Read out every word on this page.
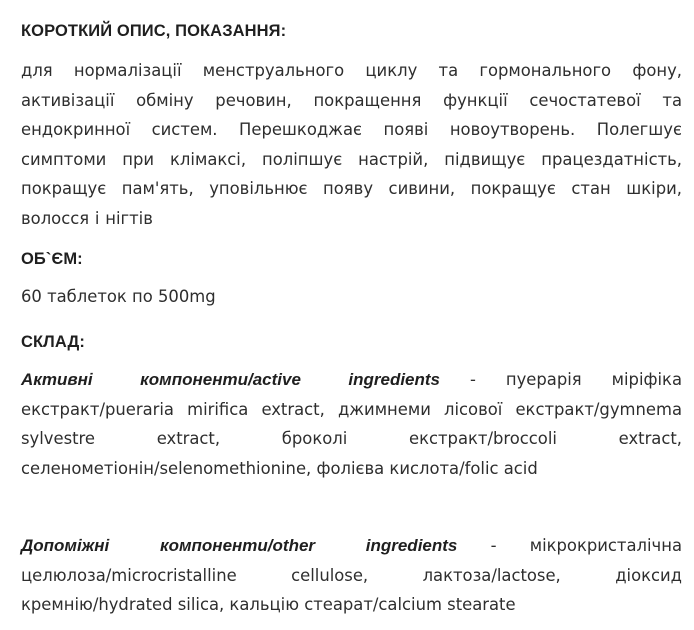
КОРОТКИЙ ОПИС, ПОКАЗАННЯ:

для нормалізації менструального циклу та гормонального фону, активізації обміну речовин, покращення функції сечостатевої та ендокринної систем. Перешкоджає появі новоутворень. Полегшує симптоми при клімаксі, поліпшує настрій, підвищує працездатність, покращує пам'ять, уповільнює появу сивини, покращує стан шкіри, волосся і нігтів

ОБ`ЄМ:

60 таблеток по 500mg

СКЛАД:

Активні компоненти/active ingredients - пуерарія міріфіка екстракт/pueraria mirifica extract, джимнеми лісової екстракт/gymnema sylvestre extract, броколі екстракт/broccoli extract, селенометіонін/selenomethionine, фолієва кислота/folic acid

Допоміжні компоненти/other ingredients - мікрокристалічна целюлоза/microcristalline cellulose, лактоза/lactose, діоксид кремнію/hydrated silica, кальцію стеарат/calcium stearate
